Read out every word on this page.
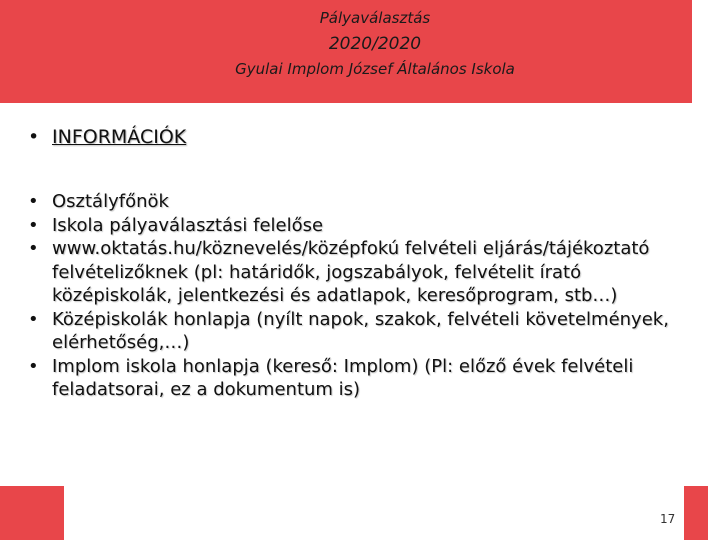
Pályaválasztás
2020/2020
Gyulai Implom József Általános Iskola
• INFORMÁCIÓK
• Osztályfőnök
• Iskola pályaválasztási felelőse
• www.oktatás.hu/köznevelés/középfokú felvételi eljárás/tájékoztató felvételizőknek (pl: határidők, jogszabályok, felvételit írató középiskolák, jelentkezési és adatlapok, keresőprogram, stb…)
• Középiskolák honlapja (nyílt napok, szakok, felvételi követelmények, elérhetőség,…)
• Implom iskola honlapja (kereső: Implom) (Pl: előző évek felvételi feladatsorai, ez a dokumentum is)
17
